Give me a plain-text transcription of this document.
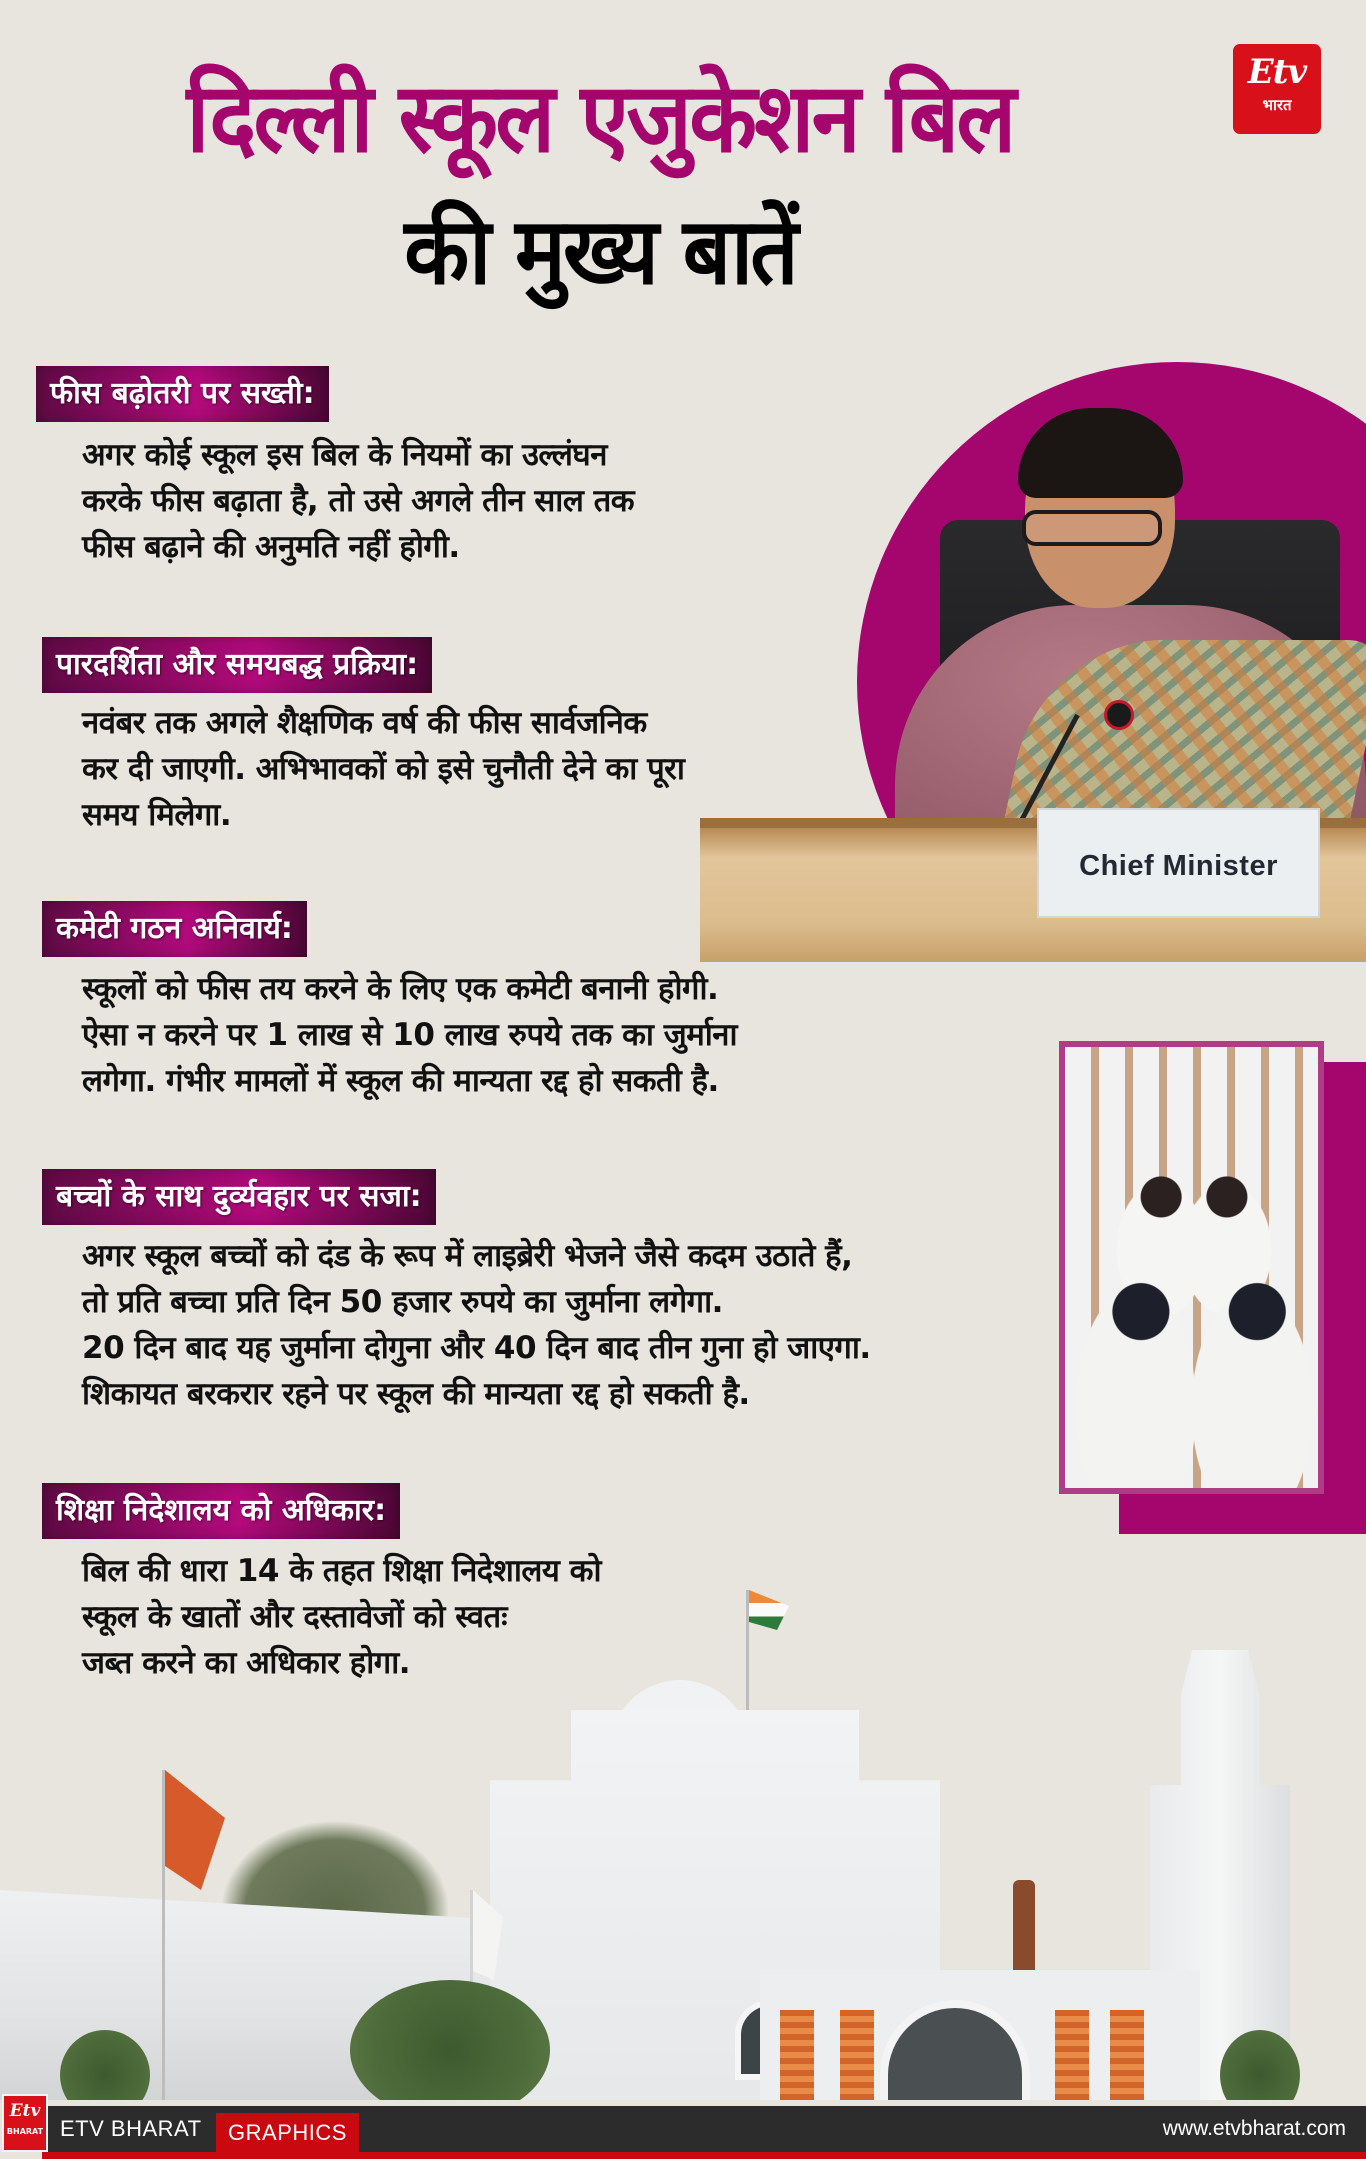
दिल्ली स्कूल एजुकेशन बिल
की मुख्य बातें
Etv
भारत
Chief Minister
फीस बढ़ोतरी पर सख्ती:
अगर कोई स्कूल इस बिल के नियमों का उल्लंघन
करके फीस बढ़ाता है, तो उसे अगले तीन साल तक
फीस बढ़ाने की अनुमति नहीं होगी.
पारदर्शिता और समयबद्ध प्रक्रिया:
नवंबर तक अगले शैक्षणिक वर्ष की फीस सार्वजनिक
कर दी जाएगी. अभिभावकों को इसे चुनौती देने का पूरा
समय मिलेगा.
कमेटी गठन अनिवार्य:
स्कूलों को फीस तय करने के लिए एक कमेटी बनानी होगी.
ऐसा न करने पर 1 लाख से 10 लाख रुपये तक का जुर्माना
लगेगा. गंभीर मामलों में स्कूल की मान्यता रद्द हो सकती है.
बच्चों के साथ दुर्व्यवहार पर सजा:
अगर स्कूल बच्चों को दंड के रूप में लाइब्रेरी भेजने जैसे कदम उठाते हैं,
तो प्रति बच्चा प्रति दिन 50 हजार रुपये का जुर्माना लगेगा.
20 दिन बाद यह जुर्माना दोगुना और 40 दिन बाद तीन गुना हो जाएगा.
शिकायत बरकरार रहने पर स्कूल की मान्यता रद्द हो सकती है.
शिक्षा निदेशालय को अधिकार:
बिल की धारा 14 के तहत शिक्षा निदेशालय को
स्कूल के खातों और दस्तावेजों को स्वतः
जब्त करने का अधिकार होगा.
Etv
BHARAT ETV BHARAT	GRAPHICS	www.etvbharat.com
